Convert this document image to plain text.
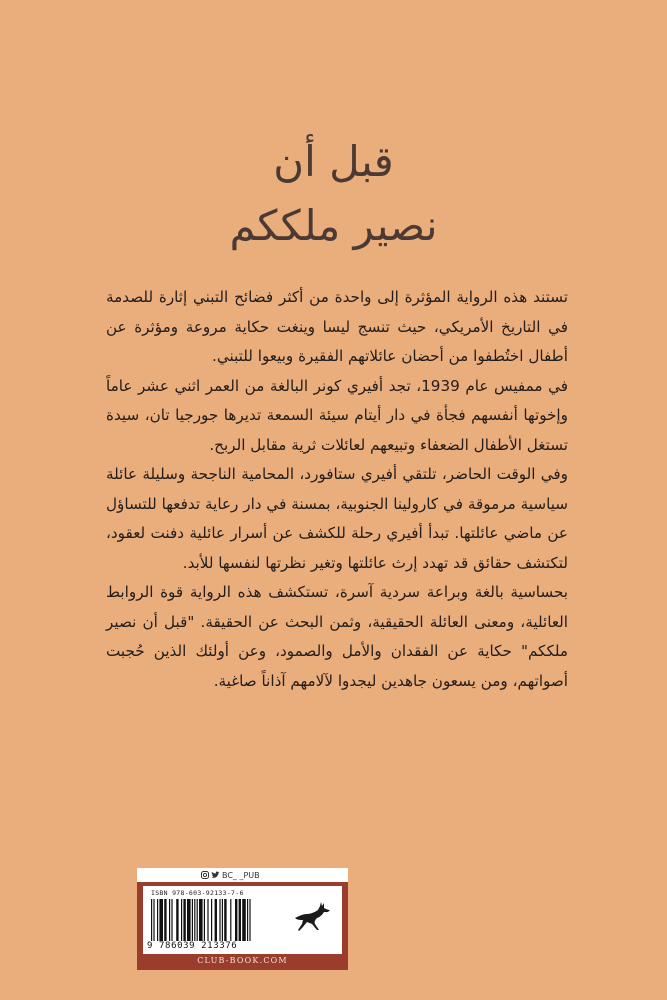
قبل أن
نصير ملككم

تستند هذه الرواية المؤثرة إلى واحدة من أكثر فضائح التبني إثارة للصدمة في التاريخ الأمريكي، حيث تنسج ليسا وينغت حكاية مروعة ومؤثرة عن أطفال اختُطفوا من أحضان عائلاتهم الفقيرة وبيعوا للتبني.

في ممفيس عام 1939، تجد أفيري كونر البالغة من العمر اثني عشر عاماً وإخوتها أنفسهم فجأة في دار أيتام سيئة السمعة تديرها جورجيا تان، سيدة تستغل الأطفال الضعفاء وتبيعهم لعائلات ثرية مقابل الربح.

وفي الوقت الحاضر، تلتقي أفيري ستافورد، المحامية الناجحة وسليلة عائلة سياسية مرموقة في كارولينا الجنوبية، بمسنة في دار رعاية تدفعها للتساؤل عن ماضي عائلتها. تبدأ أفيري رحلة للكشف عن أسرار عائلية دفنت لعقود، لتكتشف حقائق قد تهدد إرث عائلتها وتغير نظرتها لنفسها للأبد.

بحساسية بالغة وبراعة سردية آسرة، تستكشف هذه الرواية قوة الروابط العائلية، ومعنى العائلة الحقيقية، وثمن البحث عن الحقيقة. "قبل أن نصير ملككم" حكاية عن الفقدان والأمل والصمود، وعن أولئك الذين حُجبت أصواتهم، ومن يسعون جاهدين ليجدوا لآلامهم آذاناً صاغية.

BC_ _PUB
ISBN 978-603-92133-7-6
9 786039 213376
CLUB-BOOK.COM
